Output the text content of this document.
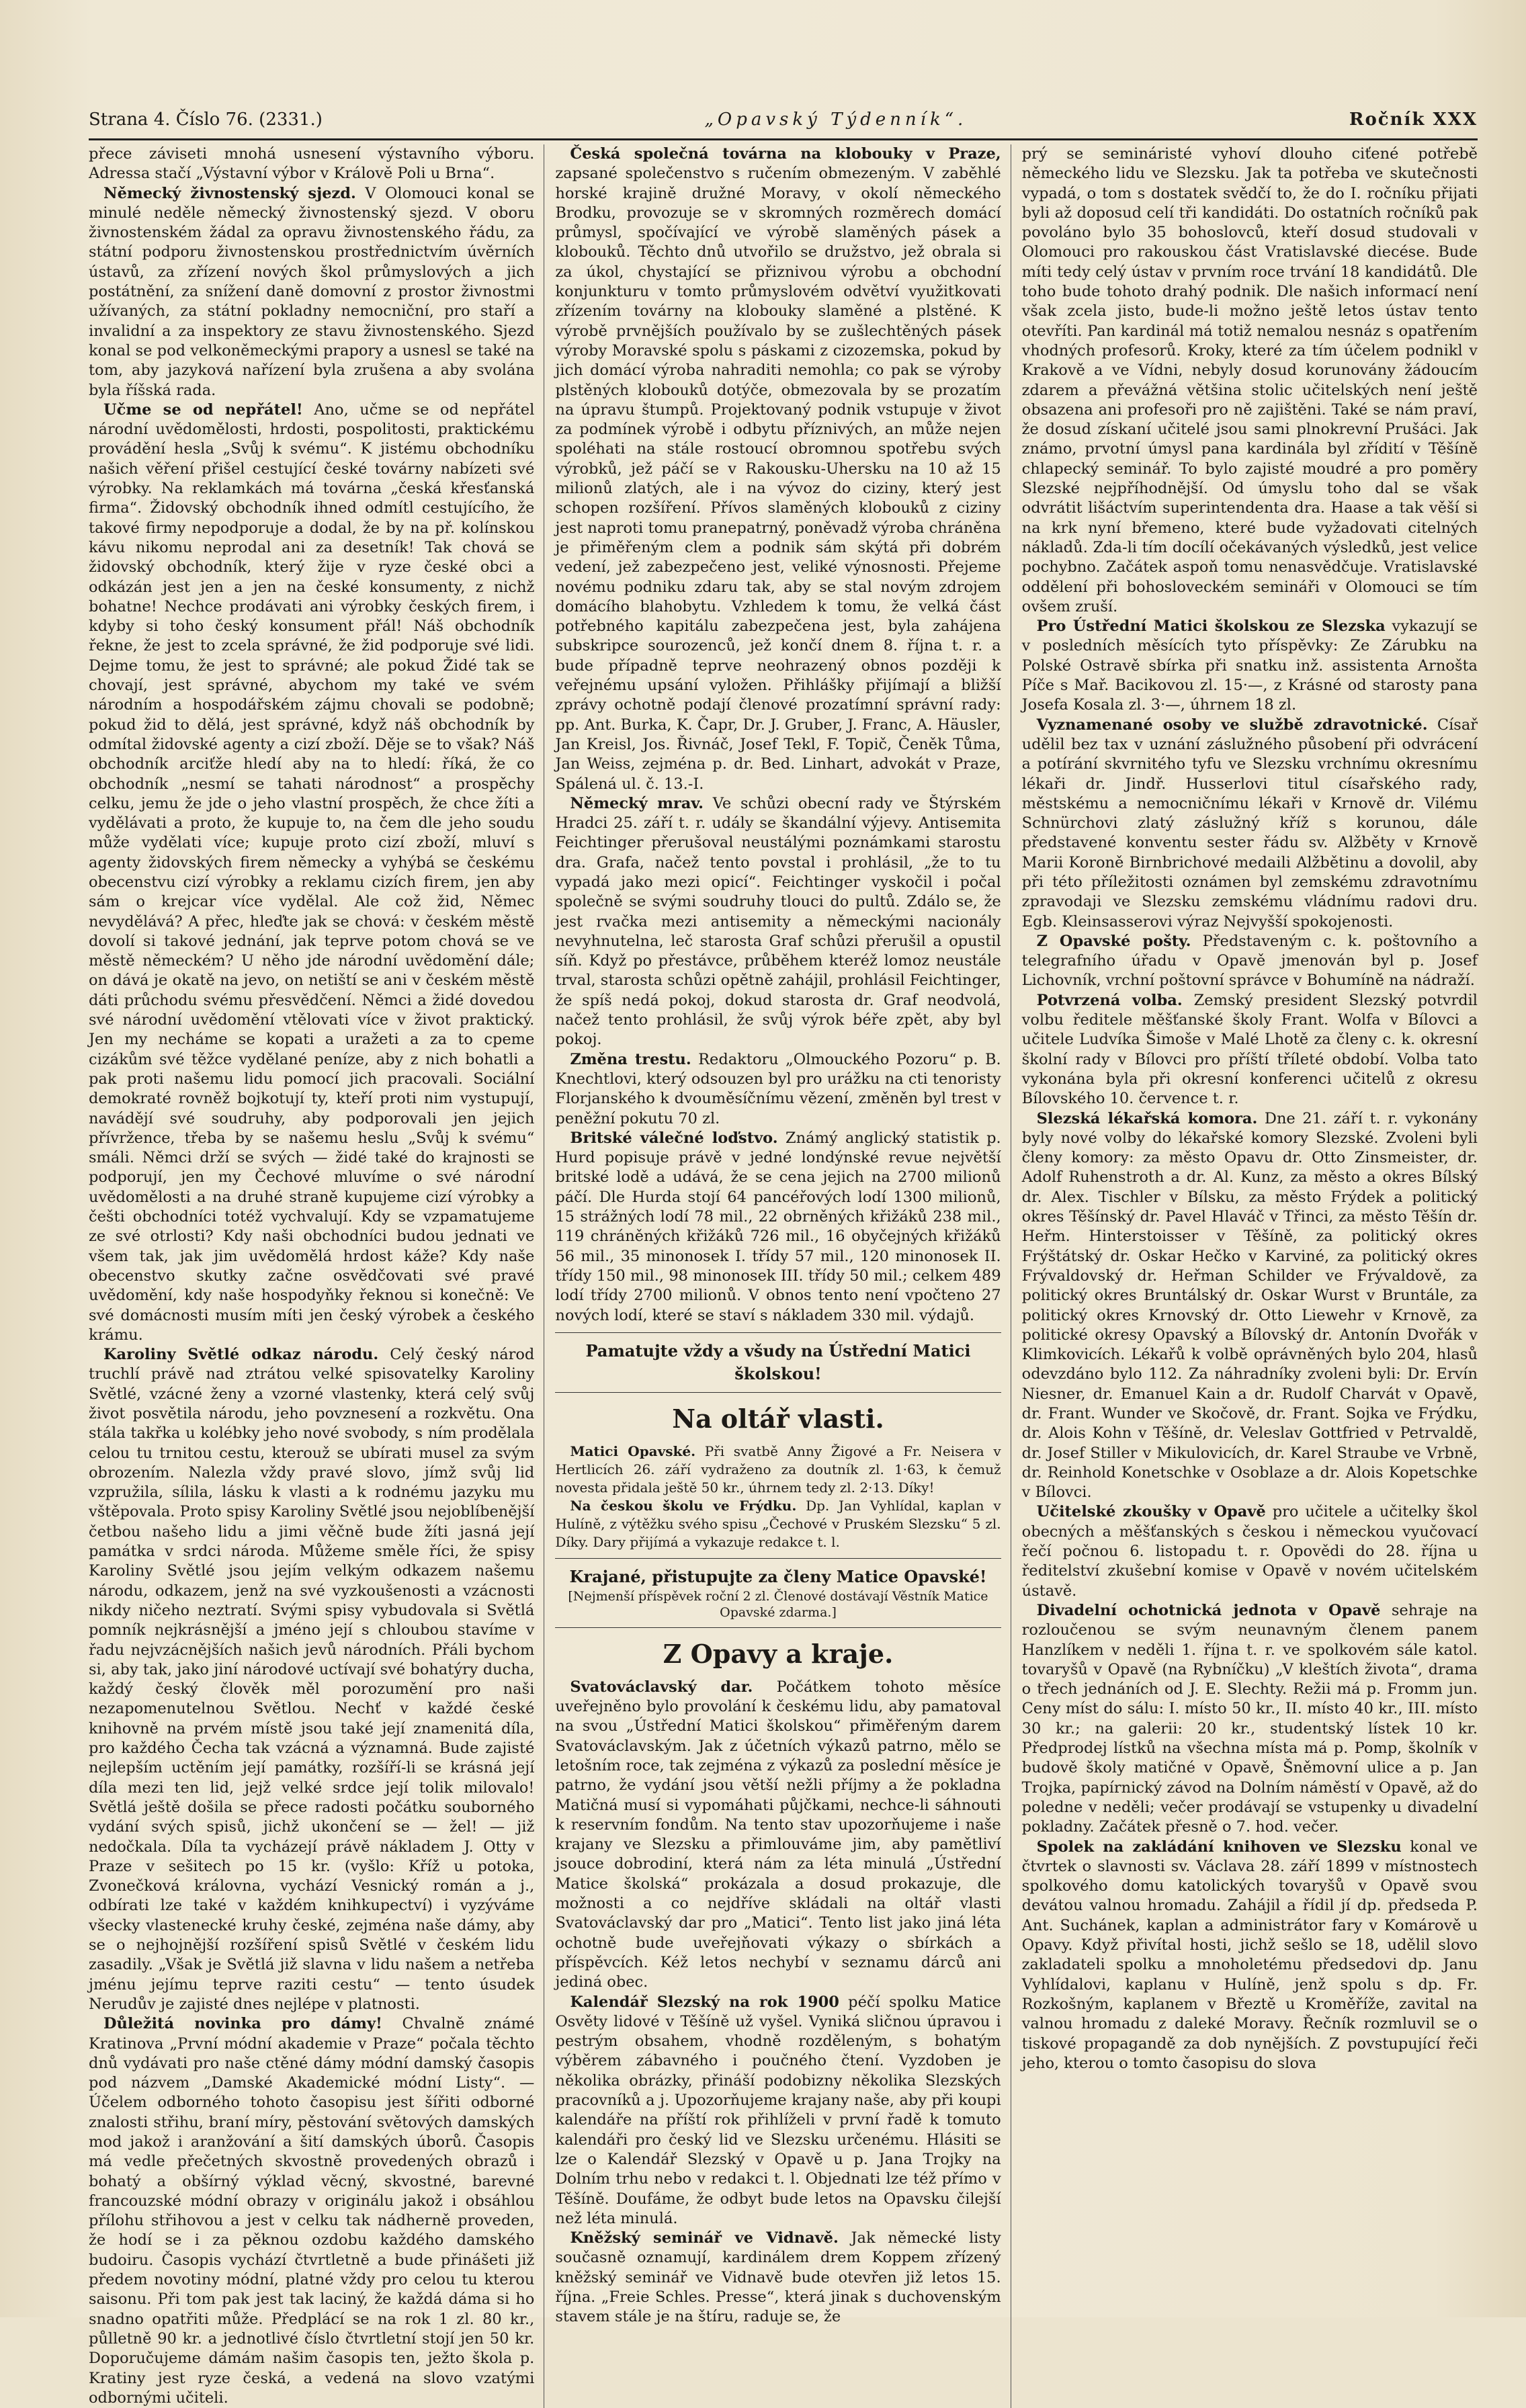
Strana 4. Číslo 76. (2331.)	„Opavský Týdenník“.	Ročník XXX

přece záviseti mnohá usnesení výstavního výboru. Adressa stačí „Výstavní výbor v Králově Poli u Brna“.

Německý živnostenský sjezd. V Olomouci konal se minulé neděle německý živnostenský sjezd. V oboru živnostenském žádal za opravu živnostenského řádu, za státní podporu živnostenskou prostřednictvím úvěrních ústavů, za zřízení nových škol průmyslových a jich postátnění, za snížení daně domovní z prostor živnostmi užívaných, za státní pokladny nemocniční, pro staří a invalidní a za inspektory ze stavu živnostenského. Sjezd konal se pod velkoněmeckými prapory a usnesl se také na tom, aby jazyková nařízení byla zrušena a aby svolána byla říšská rada.

Učme se od nepřátel! Ano, učme se od nepřátel národní uvědomělosti, hrdosti, pospolitosti, praktickému provádění hesla „Svůj k svému“. K jistému obchodníku našich věření přišel cestující české továrny nabízeti své výrobky. Na reklamkách má továrna „česká křesťanská firma“. Židovský obchodník ihned odmítl cestujícího, že takové firmy nepodporuje a dodal, že by na př. kolínskou kávu nikomu neprodal ani za desetník! Tak chová se židovský obchodník, který žije v ryze české obci a odkázán jest jen a jen na české konsumenty, z nichž bohatne! Nechce prodávati ani výrobky českých firem, i kdyby si toho český konsument přál! Náš obchodník řekne, že jest to zcela správné, že žid podporuje své lidi. Dejme tomu, že jest to správné; ale pokud Židé tak se chovají, jest správné, abychom my také ve svém národním a hospodářském zájmu chovali se podobně; pokud žid to dělá, jest správné, když náš obchodník by odmítal židovské agenty a cizí zboží. Děje se to však? Náš obchodník arciťže hledí aby na to hledí: říká, že co obchodník „nesmí se tahati národnost“ a prospěchy celku, jemu že jde o jeho vlastní prospěch, že chce žíti a vydělávati a proto, že kupuje to, na čem dle jeho soudu může vydělati více; kupuje proto cizí zboží, mluví s agenty židovských firem německy a vyhýbá se českému obecenstvu cizí výrobky a reklamu cizích firem, jen aby sám o krejcar více vydělal. Ale což žid, Němec nevydělává? A přec, hleďte jak se chová: v českém městě dovolí si takové jednání, jak teprve potom chová se ve městě německém? U něho jde národní uvědomění dále; on dává je okatě na jevo, on netiští se ani v českém městě dáti průchodu svému přesvědčení. Němci a židé dovedou své národní uvědomění vtělovati více v život praktický. Jen my necháme se kopati a uražeti a za to cpeme cizákům své těžce vydělané peníze, aby z nich bohatli a pak proti našemu lidu pomocí jich pracovali. Sociální demokraté rovněž bojkotují ty, kteří proti nim vystupují, navádějí své soudruhy, aby podporovali jen jejich přívržence, třeba by se našemu heslu „Svůj k svému“ smáli. Němci drží se svých — židé také do krajnosti se podporují, jen my Čechové mluvíme o své národní uvědomělosti a na druhé straně kupujeme cizí výrobky a češti obchodníci totéž vychvalují. Kdy se vzpamatujeme ze své otrlosti? Kdy naši obchodníci budou jednati ve všem tak, jak jim uvědomělá hrdost káže? Kdy naše obecenstvo skutky začne osvědčovati své pravé uvědomění, kdy naše hospodyňky řeknou si konečně: Ve své domácnosti musím míti jen český výrobek a českého krámu.

Karoliny Světlé odkaz národu. Celý český národ truchlí právě nad ztrátou velké spisovatelky Karoliny Světlé, vzácné ženy a vzorné vlastenky, která celý svůj život posvětila národu, jeho povznesení a rozkvětu. Ona stála takřka u kolébky jeho nové svobody, s ním prodělala celou tu trnitou cestu, kterouž se ubírati musel za svým obrozením. Nalezla vždy pravé slovo, jímž svůj lid vzpružila, sílila, lásku k vlasti a k rodnému jazyku mu vštěpovala. Proto spisy Karoliny Světlé jsou nejoblíbenější četbou našeho lidu a jimi věčně bude žíti jasná její památka v srdci národa. Můžeme směle říci, že spisy Karoliny Světlé jsou jejím velkým odkazem našemu národu, odkazem, jenž na své vyzkoušenosti a vzácnosti nikdy ničeho neztratí. Svými spisy vybudovala si Světlá pomník nejkrásnější a jméno její s chloubou stavíme v řadu nejvzácnějších našich jevů národních. Přáli bychom si, aby tak, jako jiní národové uctívají své bohatýry ducha, každý český člověk měl porozumění pro naši nezapomenutelnou Světlou. Nechť v každé české knihovně na prvém místě jsou také její znamenitá díla, pro každého Čecha tak vzácná a významná. Bude zajisté nejlepším uctěním její památky, rozšíří-li se krásná její díla mezi ten lid, jejž velké srdce její tolik milovalo! Světlá ještě došila se přece radosti počátku souborného vydání svých spisů, jichž ukončení se — žel! — již nedočkala. Díla ta vycházejí právě nákladem J. Otty v Praze v sešitech po 15 kr. (vyšlo: Kříž u potoka, Zvonečková královna, vychází Vesnický román a j., odbírati lze také v každém knihkupectví) i vyzýváme všecky vlastenecké kruhy české, zejména naše dámy, aby se o nejhojnější rozšíření spisů Světlé v českém lidu zasadily. „Však je Světlá již slavna v lidu našem a netřeba jménu jejímu teprve raziti cestu“ — tento úsudek Nerudův je zajisté dnes nejlépe v platnosti.

Důležitá novinka pro dámy! Chvalně známé Kratinova „První módní akademie v Praze“ počala těchto dnů vydávati pro naše ctěné dámy módní damský časopis pod názvem „Damské Akademické módní Listy“. — Účelem odborného tohoto časopisu jest šířiti odborné znalosti střihu, braní míry, pěstování světových damských mod jakož i aranžování a šití damských úborů. Časopis má vedle přečetných skvostně provedených obrazů i bohatý a obšírný výklad věcný, skvostné, barevné francouzské módní obrazy v originálu jakož i obsáhlou přílohu střihovou a jest v celku tak nádherně proveden, že hodí se i za pěknou ozdobu každého damského budoiru. Časopis vychází čtvrtletně a bude přinášeti již předem novotiny módní, platné vždy pro celou tu kterou saisonu. Při tom pak jest tak laciný, že každá dáma si ho snadno opatřiti může. Předplácí se na rok 1 zl. 80 kr., půlletně 90 kr. a jednotlivé číslo čtvrtletní stojí jen 50 kr. Doporučujeme dámám našim časopis ten, ježto škola p. Kratiny jest ryze česká, a vedená na slovo vzatými odbornými učiteli.

Česká společná továrna na klobouky v Praze, zapsané společenstvo s ručením obmezeným. V zaběhlé horské krajině družné Moravy, v okolí německého Brodku, provozuje se v skromných rozměrech domácí průmysl, spočívající ve výrobě slaměných pásek a klobouků. Těchto dnů utvořilo se družstvo, jež obrala si za úkol, chystající se přiznivou výrobu a obchodní konjunkturu v tomto průmyslovém odvětví využitkovati zřízením továrny na klobouky slaměné a plstěné. K výrobě prvnějších používalo by se zušlechtěných pásek výroby Moravské spolu s páskami z cizozemska, pokud by jich domácí výroba nahraditi nemohla; co pak se výroby plstěných klobouků dotýče, obmezovala by se prozatím na úpravu štumpů. Projektovaný podnik vstupuje v život za podmínek výrobě i odbytu příznivých, an může nejen spoléhati na stále rostoucí obromnou spotřebu svých výrobků, jež páčí se v Rakousku-Uhersku na 10 až 15 milionů zlatých, ale i na vývoz do ciziny, který jest schopen rozšíření. Přívos slaměných klobouků z ciziny jest naproti tomu pranepatrný, poněvadž výroba chráněna je přiměřeným clem a podnik sám skýtá při dobrém vedení, jež zabezpečeno jest, veliké výnosnosti. Přejeme novému podniku zdaru tak, aby se stal novým zdrojem domácího blahobytu. Vzhledem k tomu, že velká část potřebného kapitálu zabezpečena jest, byla zahájena subskripce sourozenců, jež končí dnem 8. října t. r. a bude případně teprve neohrazený obnos později k veřejnému upsání vyložen. Přihlášky přijímají a bližší zprávy ochotně podají členové prozatímní správní rady: pp. Ant. Burka, K. Čapr, Dr. J. Gruber, J. Franc, A. Häusler, Jan Kreisl, Jos. Řivnáč, Josef Tekl, F. Topič, Čeněk Tůma, Jan Weiss, zejména p. dr. Bed. Linhart, advokát v Praze, Spálená ul. č. 13.-I.

Německý mrav. Ve schůzi obecní rady ve Štýrském Hradci 25. září t. r. udály se škandální výjevy. Antisemita Feichtinger přerušoval neustálými poznámkami starostu dra. Grafa, načež tento povstal i prohlásil, „že to tu vypadá jako mezi opicí“. Feichtinger vyskočil i počal společně se svými soudruhy tlouci do pultů. Zdálo se, že jest rvačka mezi antisemity a německými nacionály nevyhnutelna, leč starosta Graf schůzi přerušil a opustil síň. Když po přestávce, průběhem kteréž lomoz neustále trval, starosta schůzi opětně zahájil, prohlásil Feichtinger, že spíš nedá pokoj, dokud starosta dr. Graf neodvolá, načež tento prohlásil, že svůj výrok béře zpět, aby byl pokoj.

Změna trestu. Redaktoru „Olmouckého Pozoru“ p. B. Knechtlovi, který odsouzen byl pro urážku na cti tenoristy Florjanského k dvouměsíčnímu vězení, změněn byl trest v peněžní pokutu 70 zl.

Britské válečné loďstvo. Známý anglický statistik p. Hurd popisuje právě v jedné londýnské revue největší britské lodě a udává, že se cena jejich na 2700 milionů páčí. Dle Hurda stojí 64 pancéřových lodí 1300 milionů, 15 strážných lodí 78 mil., 22 obrněných křižáků 238 mil., 119 chráněných křižáků 726 mil., 16 obyčejných křižáků 56 mil., 35 minonosek I. třídy 57 mil., 120 minonosek II. třídy 150 mil., 98 minonosek III. třídy 50 mil.; celkem 489 lodí třídy 2700 milionů. V obnos tento není vpočteno 27 nových lodí, které se staví s nákladem 330 mil. výdajů.

Pamatujte vždy a všudy na Ústřední Matici školskou!
Na oltář vlasti.

Matici Opavské. Při svatbě Anny Žigové a Fr. Neisera v Hertlicích 26. září vydraženo za doutník zl. 1·63, k čemuž novesta přidala ještě 50 kr., úhrnem tedy zl. 2·13. Díky!

Na českou školu ve Frýdku. Dp. Jan Vyhlídal, kaplan v Hulíně, z výtěžku svého spisu „Čechové v Pruském Slezsku“ 5 zl. Díky. Dary přijímá a vykazuje redakce t. l.

Krajané, přistupujte za členy Matice Opavské!
[Nejmenší příspěvek roční 2 zl. Členové dostávají Věstník Matice Opavské zdarma.]
Z Opavy a kraje.

Svatováclavský dar. Počátkem tohoto měsíce uveřejněno bylo provolání k českému lidu, aby pamatoval na svou „Ústřední Matici školskou“ přiměřeným darem Svatováclavským. Jak z účetních výkazů patrno, mělo se letošním roce, tak zejména z výkazů za poslední měsíce je patrno, že vydání jsou větší nežli příjmy a že pokladna Matičná musí si vypomáhati půjčkami, nechce-li sáhnouti k reservním fondům. Na tento stav upozorňujeme i naše krajany ve Slezsku a přimlouváme jim, aby pamětliví jsouce dobrodiní, která nám za léta minulá „Ústřední Matice školská“ prokázala a dosud prokazuje, dle možnosti a co nejdříve skládali na oltář vlasti Svatováclavský dar pro „Matici“. Tento list jako jiná léta ochotně bude uveřejňovati výkazy o sbírkách a příspěvcích. Kéž letos nechybí v seznamu dárců ani jediná obec.

Kalendář Slezský na rok 1900 péčí spolku Matice Osvěty lidové v Těšíně už vyšel. Vyniká sličnou úpravou i pestrým obsahem, vhodně rozděleným, s bohatým výběrem zábavného i poučného čtení. Vyzdoben je několika obrázky, přináší podobizny několika Slezských pracovníků a j. Upozorňujeme krajany naše, aby při koupi kalendáře na příští rok přihlíželi v první řadě k tomuto kalendáři pro český lid ve Slezsku určenému. Hlásiti se lze o Kalendář Slezský v Opavě u p. Jana Trojky na Dolním trhu nebo v redakci t. l. Objednati lze též přímo v Těšíně. Doufáme, že odbyt bude letos na Opavsku čilejší než léta minulá.

Kněžský seminář ve Vidnavě. Jak německé listy současně oznamují, kardinálem drem Koppem zřízený kněžský seminář ve Vidnavě bude otevřen již letos 15. října. „Freie Schles. Presse“, která jinak s duchovenským stavem stále je na štíru, raduje se, že

prý se semináristé vyhoví dlouho ciťené potřebě německého lidu ve Slezsku. Jak ta potřeba ve skutečnosti vypadá, o tom s dostatek svědčí to, že do I. ročníku přijati byli až doposud celí tři kandidáti. Do ostatních ročníků pak povoláno bylo 35 bohoslovců, kteří dosud studovali v Olomouci pro rakouskou část Vratislavské diecése. Bude míti tedy celý ústav v prvním roce trvání 18 kandidátů. Dle toho bude tohoto drahý podnik. Dle našich informací není však zcela jisto, bude-li možno ještě letos ústav tento otevříti. Pan kardinál má totiž nemalou nesnáz s opatřením vhodných profesorů. Kroky, které za tím účelem podnikl v Krakově a ve Vídni, nebyly dosud korunovány žádoucím zdarem a převážná většina stolic učitelských není ještě obsazena ani profesoři pro ně zajištěni. Také se nám praví, že dosud získaní učitelé jsou sami plnokrevní Prušáci. Jak známo, prvotní úmysl pana kardinála byl zřídití v Těšíně chlapecký seminář. To bylo zajisté moudré a pro poměry Slezské nejpříhodnější. Od úmyslu toho dal se však odvrátit lišáctvím superintendenta dra. Haase a tak věší si na krk nyní břemeno, které bude vyžadovati citelných nákladů. Zda-li tím docílí očekávaných výsledků, jest velice pochybno. Začátek aspoň tomu nenasvědčuje. Vratislavské oddělení při bohosloveckém semináři v Olomouci se tím ovšem zruší.

Pro Ústřední Matici školskou ze Slezska vykazují se v posledních měsících tyto příspěvky: Ze Zárubku na Polské Ostravě sbírka při snatku inž. assistenta Arnošta Píče s Mař. Bacikovou zl. 15·—, z Krásné od starosty pana Josefa Kosala zl. 3·—, úhrnem 18 zl.

Vyznamenané osoby ve službě zdravotnické. Císař udělil bez tax v uznání záslužného působení při odvrácení a potírání skvrnitého tyfu ve Slezsku vrchnímu okresnímu lékaři dr. Jindř. Husserlovi titul císařského rady, městskému a nemocničnímu lékaři v Krnově dr. Vilému Schnürchovi zlatý záslužný kříž s korunou, dále představené konventu sester řádu sv. Alžběty v Krnově Marii Koroně Birnbrichové medaili Alžbětinu a dovolil, aby při této příležitosti oznámen byl zemskému zdravotnímu zpravodaji ve Slezsku zemskému vládnímu radovi dru. Egb. Kleinsasserovi výraz Nejvyšší spokojenosti.

Z Opavské pošty. Představeným c. k. poštovního a telegrafního úřadu v Opavě jmenován byl p. Josef Lichovník, vrchní poštovní správce v Bohumíně na nádraží.

Potvrzená volba. Zemský president Slezský potvrdil volbu ředitele měšťanské školy Frant. Wolfa v Bílovci a učitele Ludvíka Šimoše v Malé Lhotě za členy c. k. okresní školní rady v Bílovci pro příští tříleté období. Volba tato vykonána byla při okresní konferenci učitelů z okresu Bílovského 10. července t. r.

Slezská lékařská komora. Dne 21. září t. r. vykonány byly nové volby do lékařské komory Slezské. Zvoleni byli členy komory: za město Opavu dr. Otto Zinsmeister, dr. Adolf Ruhenstroth a dr. Al. Kunz, za město a okres Bílský dr. Alex. Tischler v Bílsku, za město Frýdek a politický okres Těšínský dr. Pavel Hlaváč v Třinci, za město Těšín dr. Heřm. Hinterstoisser v Těšíně, za politický okres Frýštátský dr. Oskar Hečko v Karviné, za politický okres Frývaldovský dr. Heřman Schilder ve Frývaldově, za politický okres Bruntálský dr. Oskar Wurst v Bruntále, za politický okres Krnovský dr. Otto Liewehr v Krnově, za politické okresy Opavský a Bílovský dr. Antonín Dvořák v Klimkovicích. Lékařů k volbě oprávněných bylo 204, hlasů odevzdáno bylo 112. Za náhradníky zvoleni byli: Dr. Ervín Niesner, dr. Emanuel Kain a dr. Rudolf Charvát v Opavě, dr. Frant. Wunder ve Skočově, dr. Frant. Sojka ve Frýdku, dr. Alois Kohn v Těšíně, dr. Veleslav Gottfried v Petrvaldě, dr. Josef Stiller v Mikulovicích, dr. Karel Straube ve Vrbně, dr. Reinhold Konetschke v Osoblaze a dr. Alois Kopetschke v Bílovci.

Učitelské zkoušky v Opavě pro učitele a učitelky škol obecných a měšťanských s českou i německou vyučovací řečí počnou 6. listopadu t. r. Opovědi do 28. října u ředitelství zkušební komise v Opavě v novém učitelském ústavě.

Divadelní ochotnická jednota v Opavě sehraje na rozloučenou se svým neunavným členem panem Hanzlíkem v neděli 1. října t. r. ve spolkovém sále katol. tovaryšů v Opavě (na Rybníčku) „V kleštích života“, drama o třech jednáních od J. E. Slechty. Režii má p. Fromm jun. Ceny míst do sálu: I. místo 50 kr., II. místo 40 kr., III. místo 30 kr.; na galerii: 20 kr., studentský lístek 10 kr. Předprodej lístků na všechna místa má p. Pomp, školník v budově školy matičné v Opavě, Šněmovní ulice a p. Jan Trojka, papírnický závod na Dolním náměstí v Opavě, až do poledne v neděli; večer prodávají se vstupenky u divadelní pokladny. Začátek přesně o 7. hod. večer.

Spolek na zakládání knihoven ve Slezsku konal ve čtvrtek o slavnosti sv. Václava 28. září 1899 v místnostech spolkového domu katolických tovaryšů v Opavě svou devátou valnou hromadu. Zahájil a řídil jí dp. předseda P. Ant. Suchánek, kaplan a administrátor fary v Komárově u Opavy. Když přivítal hosti, jichž sešlo se 18, udělil slovo zakladateli spolku a mnoholetému předsedovi dp. Janu Vyhlídalovi, kaplanu v Hulíně, jenž spolu s dp. Fr. Rozkošným, kaplanem v Březtě u Kroměříže, zavital na valnou hromadu z daleké Moravy. Řečník rozmluvil se o tiskové propagandě za dob nynějších. Z povstupující řeči jeho, kterou o tomto časopisu do slova
